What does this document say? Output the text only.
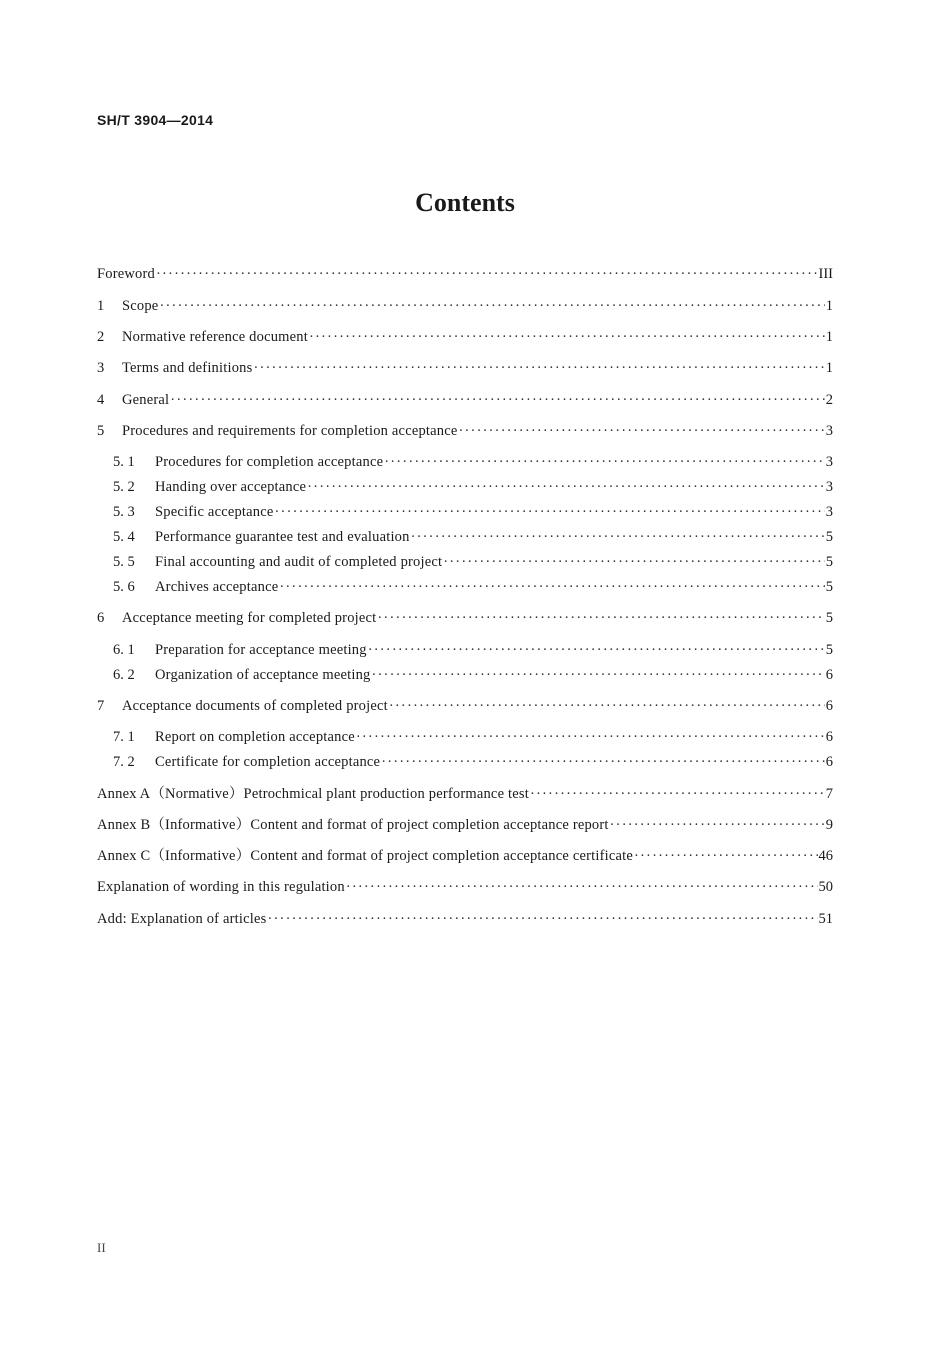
SH/T 3904—2014
Contents
Foreword ·····	III
1	Scope ·····	1
2	Normative reference document ·····	1
3	Terms and definitions ·····	1
4	General ·····	2
5	Procedures and requirements for completion acceptance ·····	3
5. 1	Procedures for completion acceptance ·····	3
5. 2	Handing over acceptance ·····	3
5. 3	Specific acceptance ·····	3
5. 4	Performance guarantee test and evaluation ·····	5
5. 5	Final accounting and audit of completed project ·····	5
5. 6	Archives acceptance ·····	5
6	Acceptance meeting for completed project ·····	5
6. 1	Preparation for acceptance meeting ·····	5
6. 2	Organization of acceptance meeting ·····	6
7	Acceptance documents of completed project ·····	6
7. 1	Report on completion acceptance ·····	6
7. 2	Certificate for completion acceptance ·····	6
Annex A（Normative）Petrochmical plant production performance test ·····	7
Annex B（Informative）Content and format of project completion acceptance report ·····	9
Annex C（Informative）Content and format of project completion acceptance certificate ·····	46
Explanation of wording in this regulation ·····	50
Add: Explanation of articles ·····	51
II
